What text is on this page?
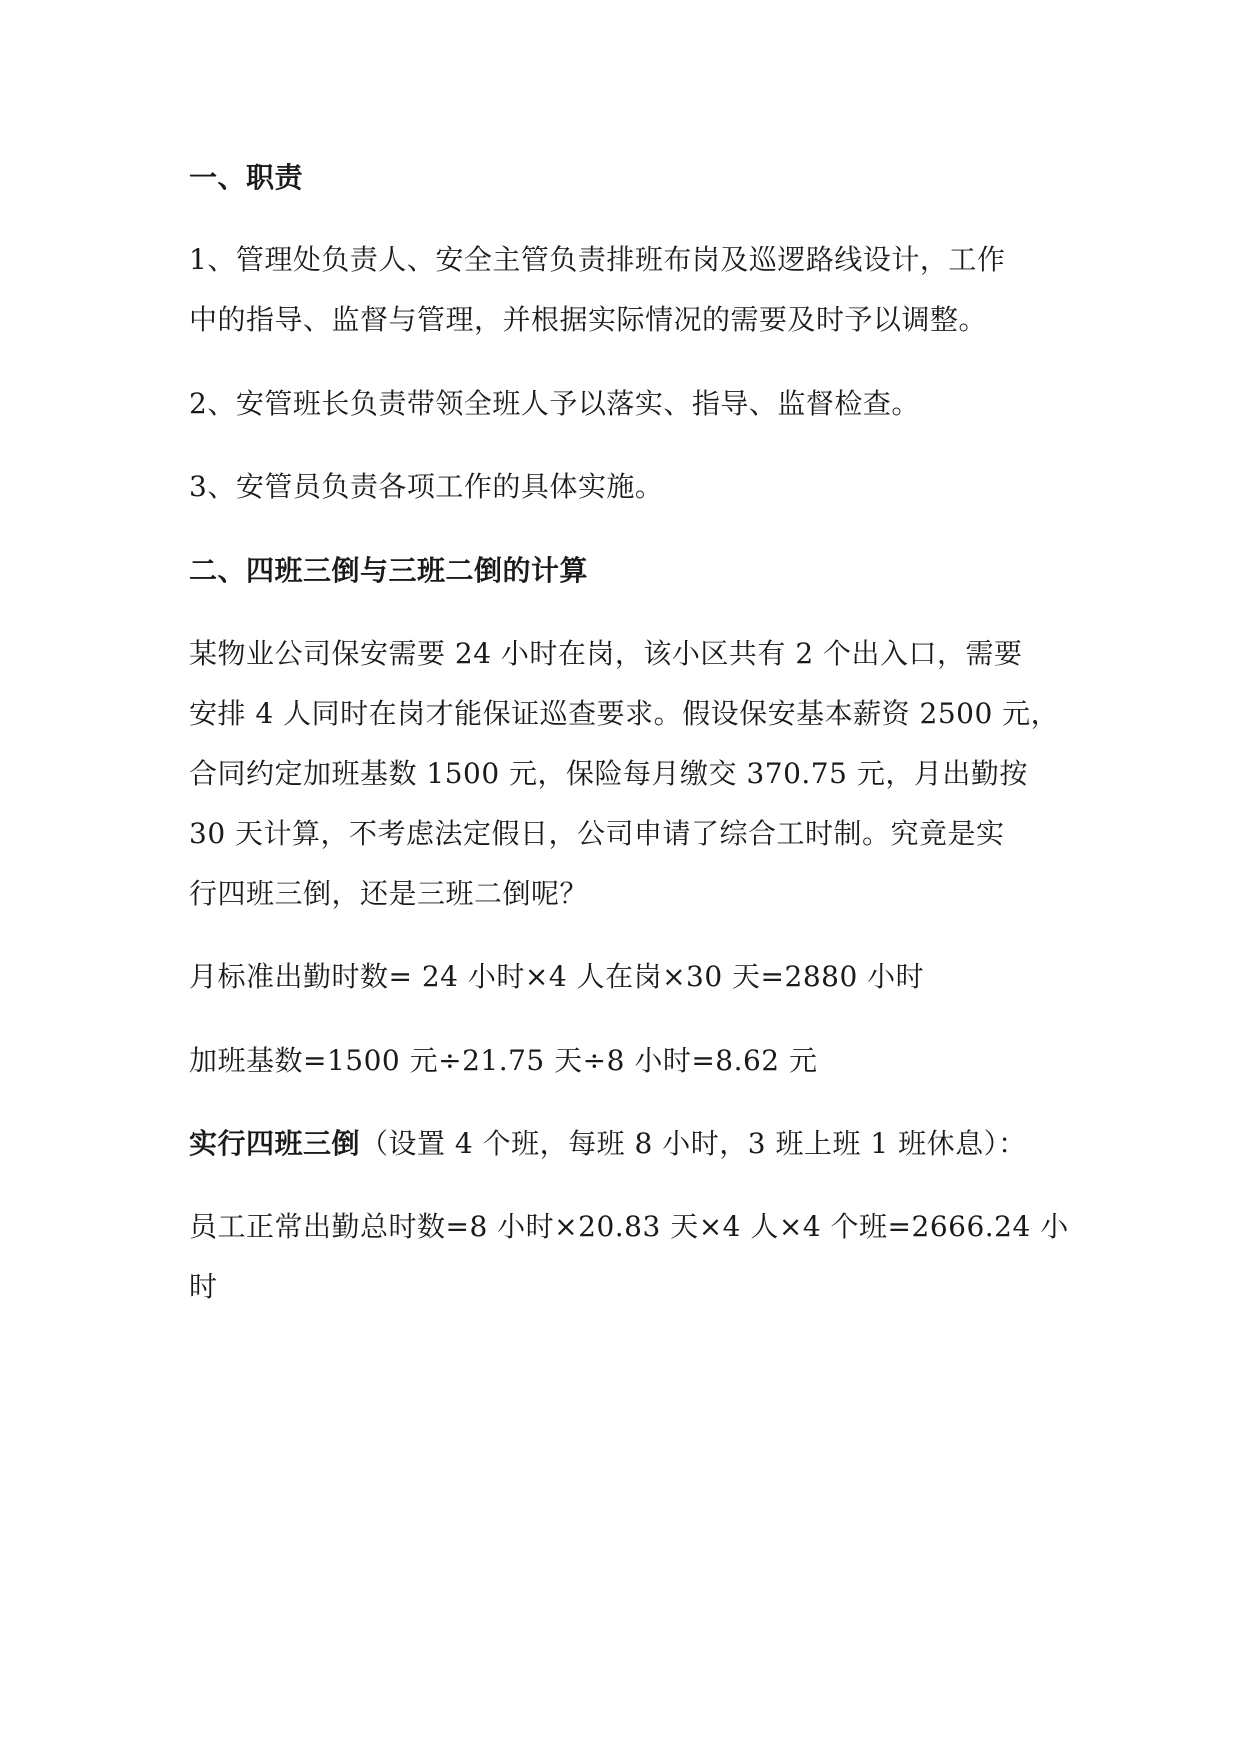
一、职责
1、管理处负责人、安全主管负责排班布岗及巡逻路线设计，工作
中的指导、监督与管理，并根据实际情况的需要及时予以调整。
2、安管班长负责带领全班人予以落实、指导、监督检查。
3、安管员负责各项工作的具体实施。
二、四班三倒与三班二倒的计算
某物业公司保安需要 24 小时在岗，该小区共有 2 个出入口，需要
安排 4 人同时在岗才能保证巡查要求。假设保安基本薪资 2500 元，
合同约定加班基数 1500 元，保险每月缴交 370.75 元，月出勤按
30 天计算，不考虑法定假日，公司申请了综合工时制。究竟是实
行四班三倒，还是三班二倒呢？
月标准出勤时数= 24 小时×4 人在岗×30 天=2880 小时
加班基数=1500 元÷21.75 天÷8 小时=8.62 元
实行四班三倒（设置 4 个班，每班 8 小时，3 班上班 1 班休息）：
员工正常出勤总时数=8 小时×20.83 天×4 人×4 个班=2666.24 小
时
